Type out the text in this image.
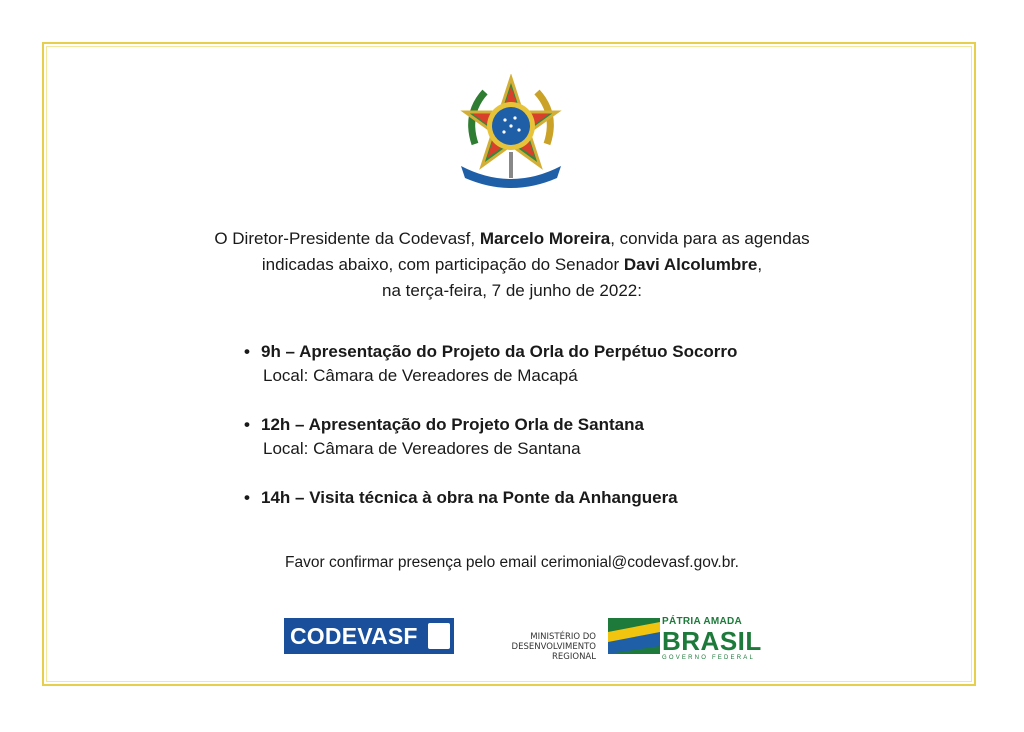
O Diretor-Presidente da Codevasf, Marcelo Moreira, convida para as agendas
indicadas abaixo, com participação do Senador Davi Alcolumbre,
na terça-feira, 7 de junho de 2022:
• 9h – Apresentação do Projeto da Orla do Perpétuo Socorro
Local: Câmara de Vereadores de Macapá
• 12h – Apresentação do Projeto Orla de Santana
Local: Câmara de Vereadores de Santana
• 14h – Visita técnica à obra na Ponte da Anhanguera
Favor confirmar presença pelo email cerimonial@codevasf.gov.br.
CODEVASF	MINISTÉRIO DO
DESENVOLVIMENTO REGIONAL
PÁTRIA AMADA
BRASIL
GOVERNO FEDERAL
